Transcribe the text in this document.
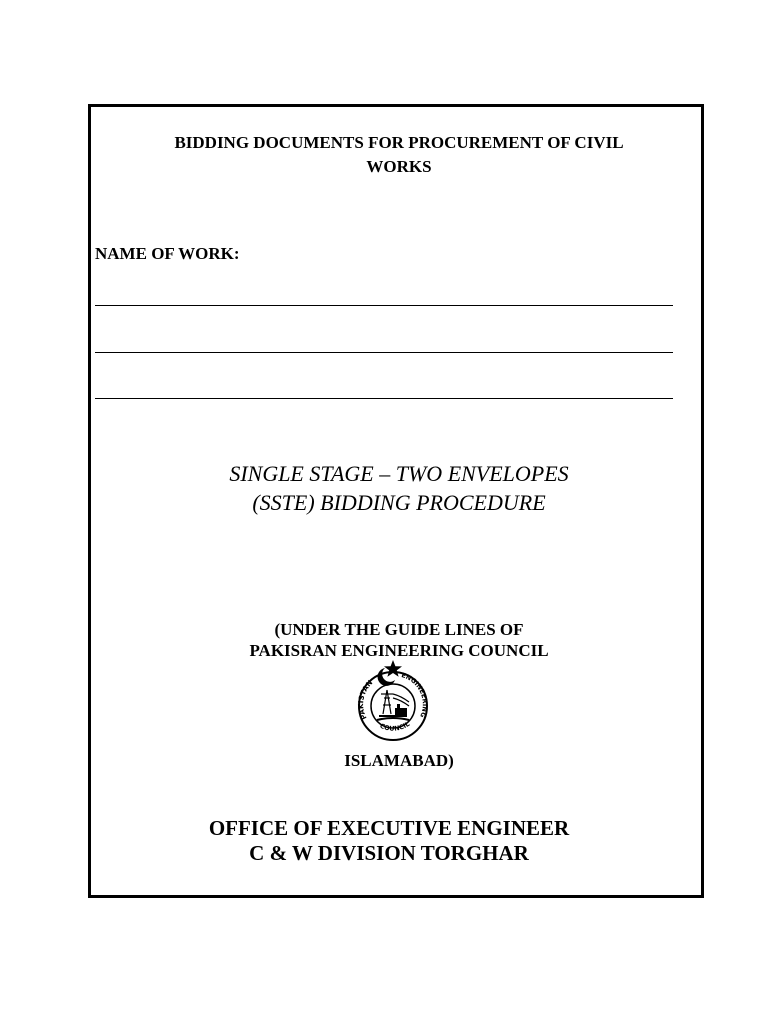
BIDDING DOCUMENTS FOR PROCUREMENT OF CIVIL
WORKS
NAME OF WORK:
SINGLE STAGE – TWO ENVELOPES
(SSTE) BIDDING PROCEDURE
(UNDER THE GUIDE LINES OF
PAKISRAN ENGINEERING COUNCIL
PAKISTAN
ENGINEERING
COUNCIL
ISLAMABAD)
OFFICE OF EXECUTIVE ENGINEER
C & W DIVISION TORGHAR
